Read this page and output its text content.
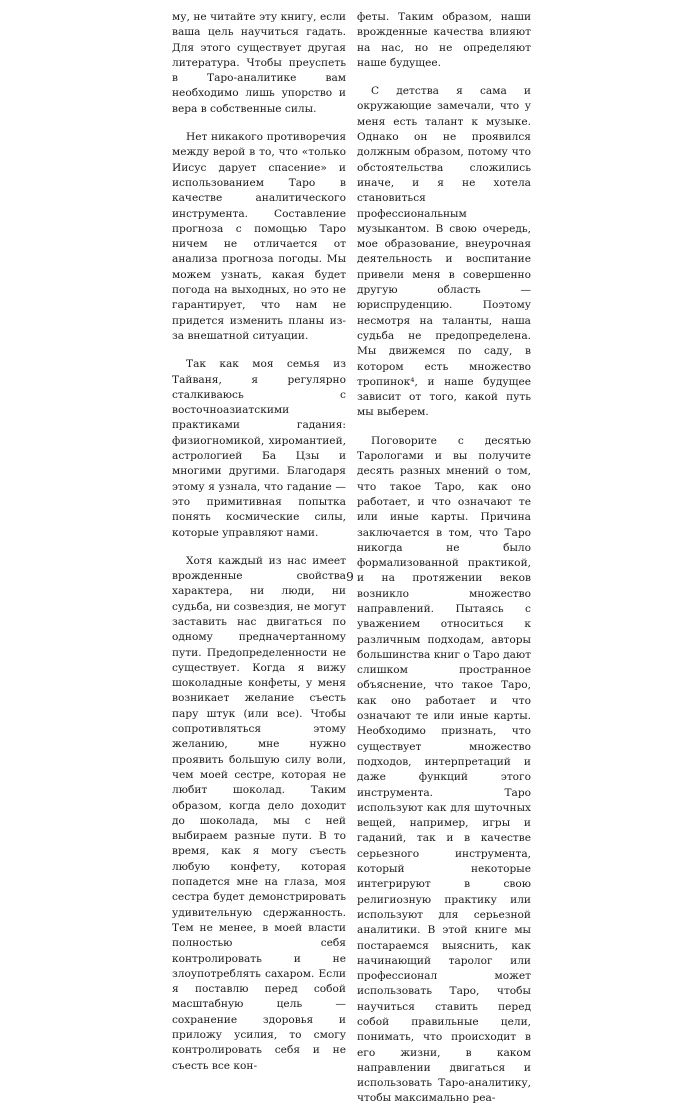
му, не читайте эту книгу, если ваша цель научиться гадать. Для этого существует другая литература. Чтобы преуспеть в Таро-аналитике вам необходимо лишь упорство и вера в собственные силы.

Нет никакого противоречия между верой в то, что «только Иисус дарует спасение» и использованием Таро в качестве аналитического инструмента. Составление прогноза с помощью Таро ничем не отличается от анализа прогноза погоды. Мы можем узнать, какая будет погода на выходных, но это не гарантирует, что нам не придется изменить планы из-за внешатной ситуации.

Так как моя семья из Тайваня, я регулярно сталкиваюсь с восточноазиатскими практиками гадания: физиогномикой, хиромантией, астрологией Ба Цзы и многими другими. Благодаря этому я узнала, что гадание — это примитивная попытка понять космические силы, которые управляют нами.

Хотя каждый из нас имеет врожденные свойства характера, ни люди, ни судьба, ни созвездия, не могут заставить нас двигаться по одному предначертанному пути. Предопределенности не существует. Когда я вижу шоколадные конфеты, у меня возникает желание съесть пару штук (или все). Чтобы сопротивляться этому желанию, мне нужно проявить большую силу воли, чем моей сестре, которая не любит шоколад. Таким образом, когда дело доходит до шоколада, мы с ней выбираем разные пути. В то время, как я могу съесть любую конфету, которая попадется мне на глаза, моя сестра будет демонстрировать удивительную сдержанность. Тем не менее, в моей власти полностью себя контролировать и не злоупотреблять сахаром. Если я поставлю перед собой масштабную цель — сохранение здоровья и приложу усилия, то смогу контролировать себя и не съесть все кон-

феты. Таким образом, наши врожденные качества влияют на нас, но не определяют наше будущее.

С детства я сама и окружающие замечали, что у меня есть талант к музыке. Однако он не проявился должным образом, потому что обстоятельства сложились иначе, и я не хотела становиться профессиональным музыкантом. В свою очередь, мое образование, внеурочная деятельность и воспитание привели меня в совершенно другую область — юриспруденцию. Поэтому несмотря на таланты, наша судьба не предопределена. Мы движемся по саду, в котором есть множество тропинок⁴, и наше будущее зависит от того, какой путь мы выберем.

Поговорите с десятью Тарологами и вы получите десять разных мнений о том, что такое Таро, как оно работает, и что означают те или иные карты. Причина заключается в том, что Таро никогда не было формализованной практикой, и на протяжении веков возникло множество направлений. Пытаясь с уважением относиться к различным подходам, авторы большинства книг о Таро дают слишком пространное объяснение, что такое Таро, как оно работает и что означают те или иные карты. Необходимо признать, что существует множество подходов, интерпретаций и даже функций этого инструмента. Таро используют как для шуточных вещей, например, игры и гаданий, так и в качестве серьезного инструмента, который некоторые интегрируют в свою религиозную практику или используют для серьезной аналитики. В этой книге мы постараемся выяснить, как начинающий таролог или профессионал может использовать Таро, чтобы научиться ставить перед собой правильные цели, понимать, что происходит в его жизни, в каком направлении двигаться и использовать Таро-аналитику, чтобы максимально реа-

9
